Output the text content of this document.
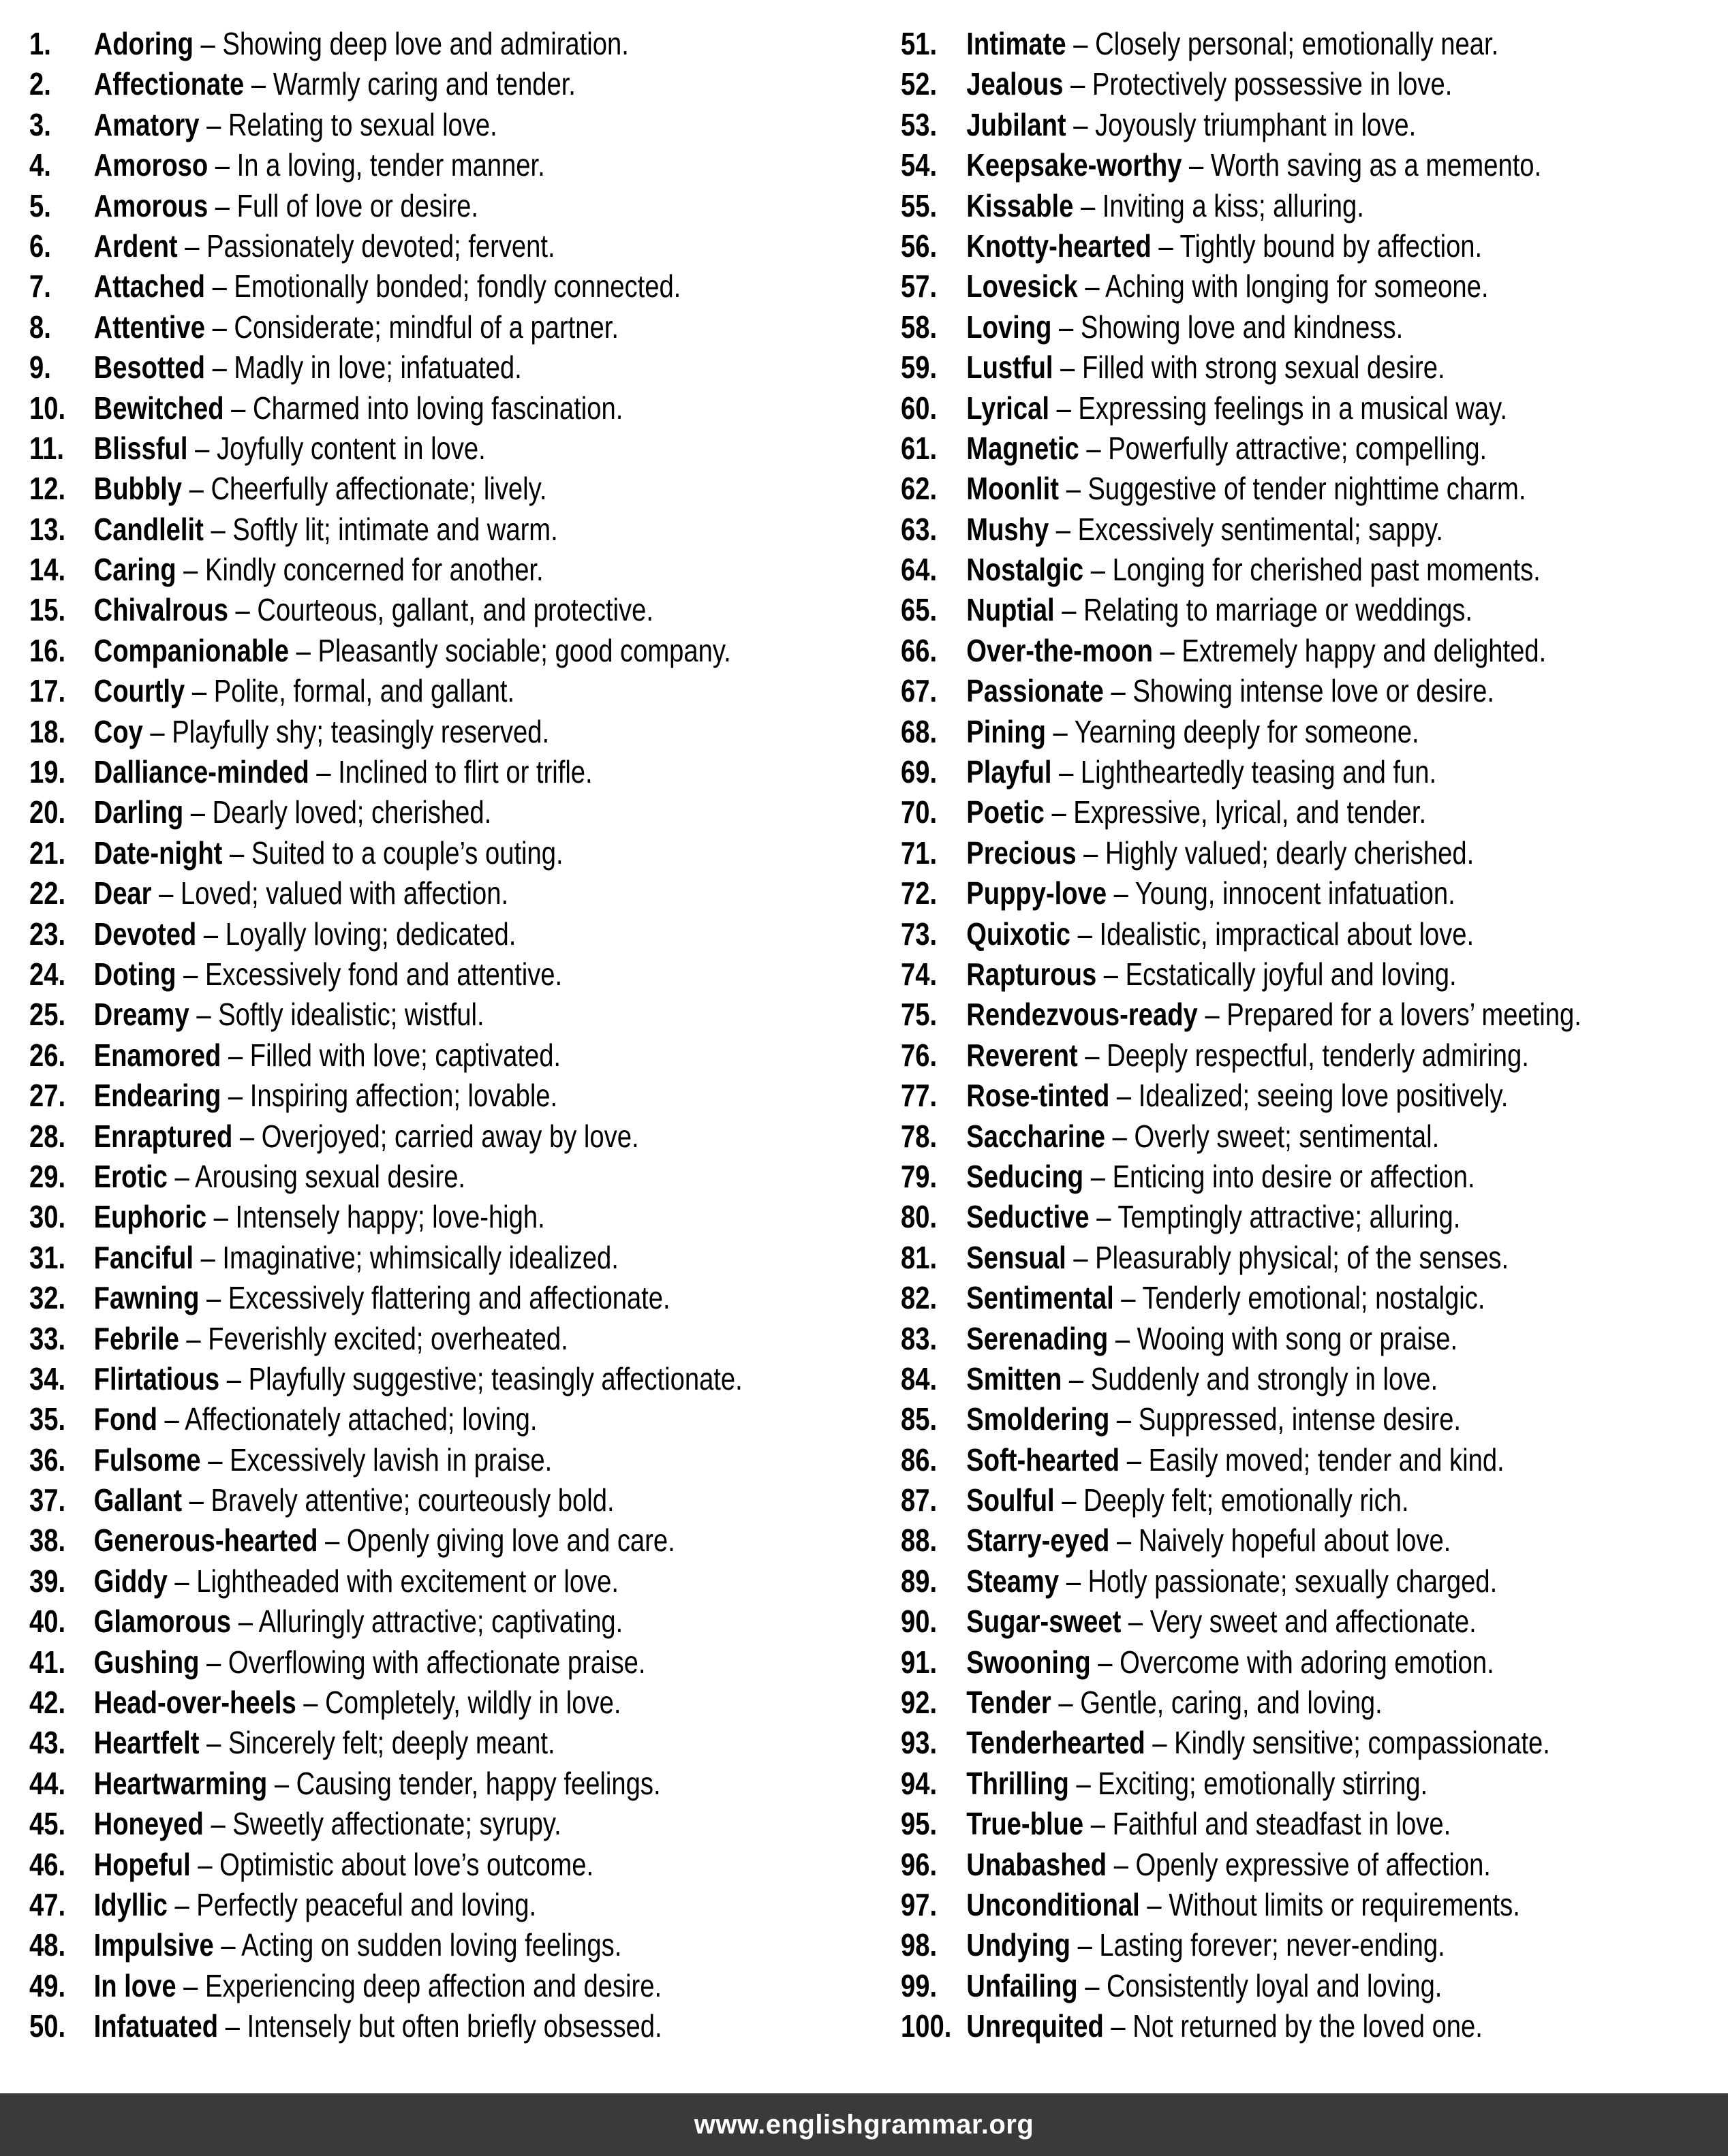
1. Adoring – Showing deep love and admiration.
2. Affectionate – Warmly caring and tender.
3. Amatory – Relating to sexual love.
4. Amoroso – In a loving, tender manner.
5. Amorous – Full of love or desire.
6. Ardent – Passionately devoted; fervent.
7. Attached – Emotionally bonded; fondly connected.
8. Attentive – Considerate; mindful of a partner.
9. Besotted – Madly in love; infatuated.
10. Bewitched – Charmed into loving fascination.
11. Blissful – Joyfully content in love.
12. Bubbly – Cheerfully affectionate; lively.
13. Candlelit – Softly lit; intimate and warm.
14. Caring – Kindly concerned for another.
15. Chivalrous – Courteous, gallant, and protective.
16. Companionable – Pleasantly sociable; good company.
17. Courtly – Polite, formal, and gallant.
18. Coy – Playfully shy; teasingly reserved.
19. Dalliance-minded – Inclined to flirt or trifle.
20. Darling – Dearly loved; cherished.
21. Date-night – Suited to a couple’s outing.
22. Dear – Loved; valued with affection.
23. Devoted – Loyally loving; dedicated.
24. Doting – Excessively fond and attentive.
25. Dreamy – Softly idealistic; wistful.
26. Enamored – Filled with love; captivated.
27. Endearing – Inspiring affection; lovable.
28. Enraptured – Overjoyed; carried away by love.
29. Erotic – Arousing sexual desire.
30. Euphoric – Intensely happy; love-high.
31. Fanciful – Imaginative; whimsically idealized.
32. Fawning – Excessively flattering and affectionate.
33. Febrile – Feverishly excited; overheated.
34. Flirtatious – Playfully suggestive; teasingly affectionate.
35. Fond – Affectionately attached; loving.
36. Fulsome – Excessively lavish in praise.
37. Gallant – Bravely attentive; courteously bold.
38. Generous-hearted – Openly giving love and care.
39. Giddy – Lightheaded with excitement or love.
40. Glamorous – Alluringly attractive; captivating.
41. Gushing – Overflowing with affectionate praise.
42. Head-over-heels – Completely, wildly in love.
43. Heartfelt – Sincerely felt; deeply meant.
44. Heartwarming – Causing tender, happy feelings.
45. Honeyed – Sweetly affectionate; syrupy.
46. Hopeful – Optimistic about love’s outcome.
47. Idyllic – Perfectly peaceful and loving.
48. Impulsive – Acting on sudden loving feelings.
49. In love – Experiencing deep affection and desire.
50. Infatuated – Intensely but often briefly obsessed.
51. Intimate – Closely personal; emotionally near.
52. Jealous – Protectively possessive in love.
53. Jubilant – Joyously triumphant in love.
54. Keepsake-worthy – Worth saving as a memento.
55. Kissable – Inviting a kiss; alluring.
56. Knotty-hearted – Tightly bound by affection.
57. Lovesick – Aching with longing for someone.
58. Loving – Showing love and kindness.
59. Lustful – Filled with strong sexual desire.
60. Lyrical – Expressing feelings in a musical way.
61. Magnetic – Powerfully attractive; compelling.
62. Moonlit – Suggestive of tender nighttime charm.
63. Mushy – Excessively sentimental; sappy.
64. Nostalgic – Longing for cherished past moments.
65. Nuptial – Relating to marriage or weddings.
66. Over-the-moon – Extremely happy and delighted.
67. Passionate – Showing intense love or desire.
68. Pining – Yearning deeply for someone.
69. Playful – Lightheartedly teasing and fun.
70. Poetic – Expressive, lyrical, and tender.
71. Precious – Highly valued; dearly cherished.
72. Puppy-love – Young, innocent infatuation.
73. Quixotic – Idealistic, impractical about love.
74. Rapturous – Ecstatically joyful and loving.
75. Rendezvous-ready – Prepared for a lovers’ meeting.
76. Reverent – Deeply respectful, tenderly admiring.
77. Rose-tinted – Idealized; seeing love positively.
78. Saccharine – Overly sweet; sentimental.
79. Seducing – Enticing into desire or affection.
80. Seductive – Temptingly attractive; alluring.
81. Sensual – Pleasurably physical; of the senses.
82. Sentimental – Tenderly emotional; nostalgic.
83. Serenading – Wooing with song or praise.
84. Smitten – Suddenly and strongly in love.
85. Smoldering – Suppressed, intense desire.
86. Soft-hearted – Easily moved; tender and kind.
87. Soulful – Deeply felt; emotionally rich.
88. Starry-eyed – Naively hopeful about love.
89. Steamy – Hotly passionate; sexually charged.
90. Sugar-sweet – Very sweet and affectionate.
91. Swooning – Overcome with adoring emotion.
92. Tender – Gentle, caring, and loving.
93. Tenderhearted – Kindly sensitive; compassionate.
94. Thrilling – Exciting; emotionally stirring.
95. True-blue – Faithful and steadfast in love.
96. Unabashed – Openly expressive of affection.
97. Unconditional – Without limits or requirements.
98. Undying – Lasting forever; never-ending.
99. Unfailing – Consistently loyal and loving.
100. Unrequited – Not returned by the loved one.
www.englishgrammar.org
